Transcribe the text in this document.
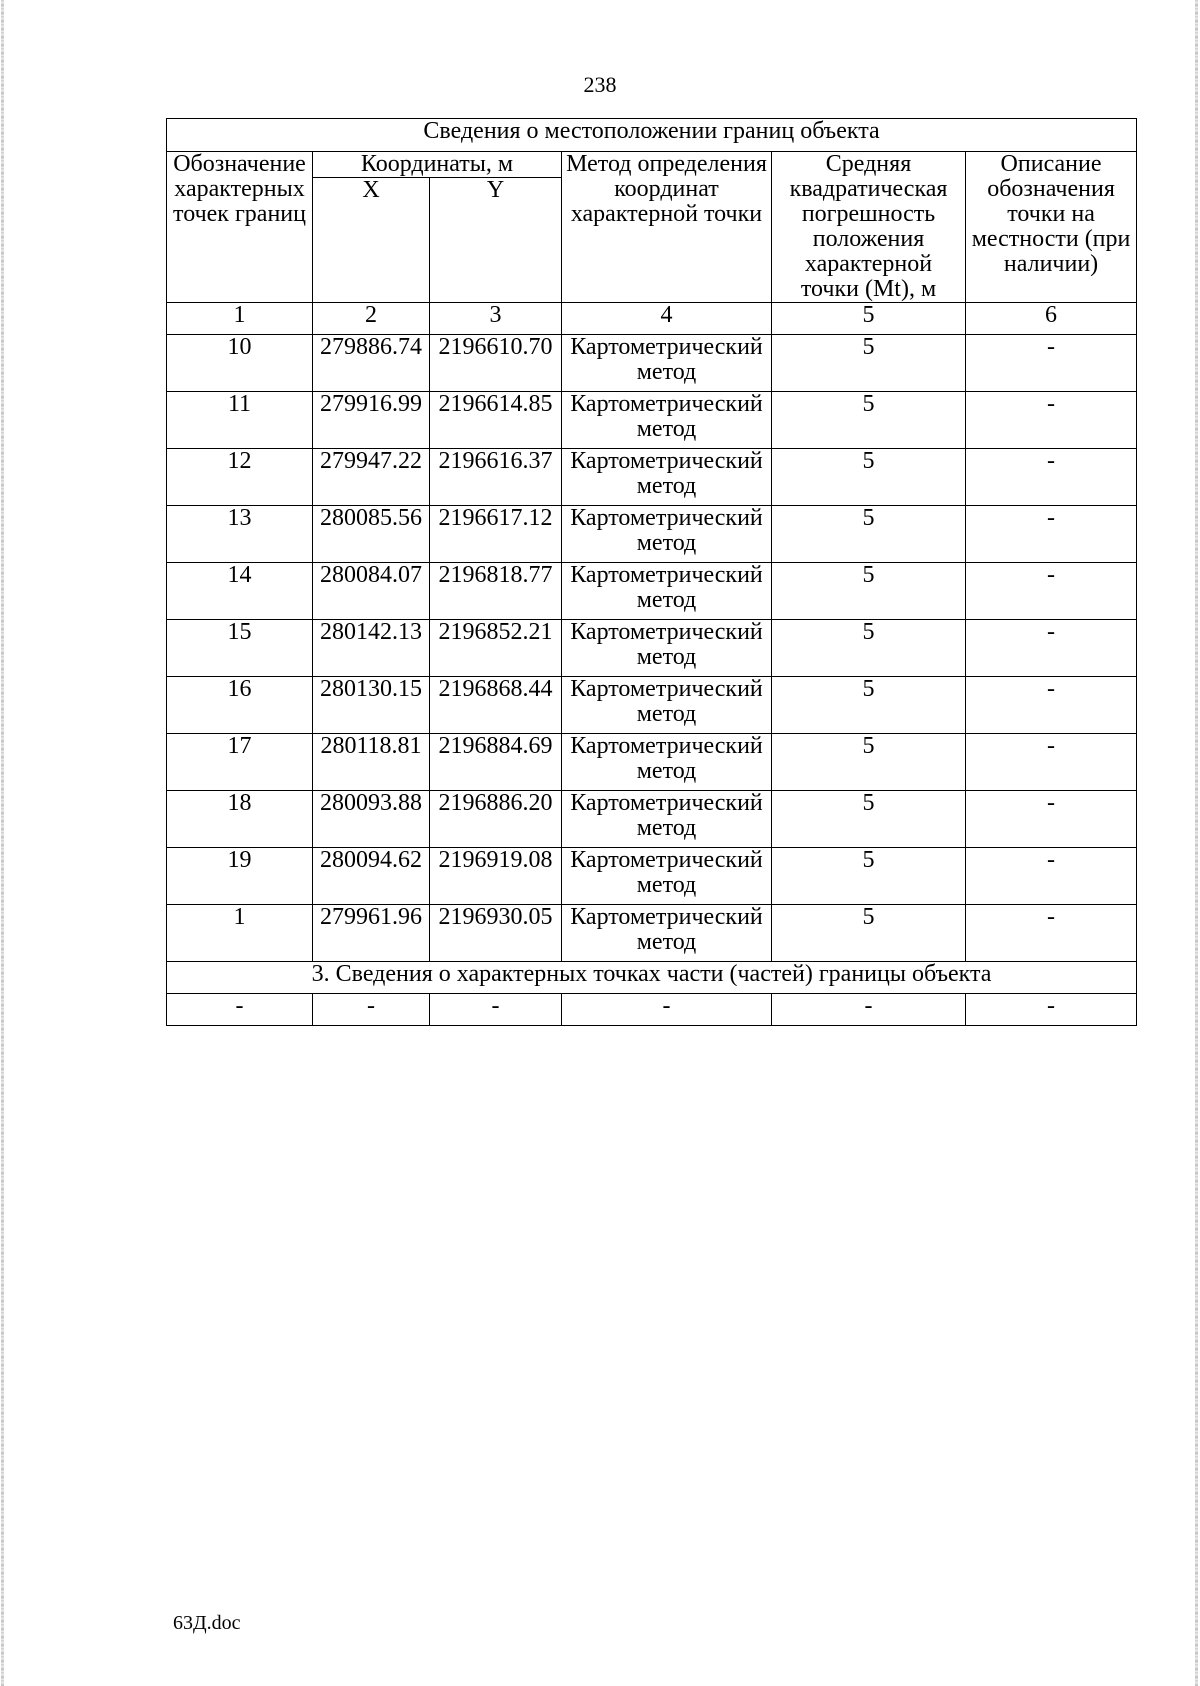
238
Сведения о местоположении границ объекта					
Обозначение характерных точек границ	Координаты, м		Метод определения координат характерной точки	Средняя квадратическая погрешность положения характерной точки (Mt), м	Описание обозначения точки на местности (при наличии)
	X	Y			
1	2	3	4	5	6
10	279886.74	2196610.70	Картометрический метод	5	-
11	279916.99	2196614.85	Картометрический метод	5	-
12	279947.22	2196616.37	Картометрический метод	5	-
13	280085.56	2196617.12	Картометрический метод	5	-
14	280084.07	2196818.77	Картометрический метод	5	-
15	280142.13	2196852.21	Картометрический метод	5	-
16	280130.15	2196868.44	Картометрический метод	5	-
17	280118.81	2196884.69	Картометрический метод	5	-
18	280093.88	2196886.20	Картометрический метод	5	-
19	280094.62	2196919.08	Картометрический метод	5	-
1	279961.96	2196930.05	Картометрический метод	5	-
3. Сведения о характерных точках части (частей) границы объекта					
-	-	-	-	-	-
63Д.doc
